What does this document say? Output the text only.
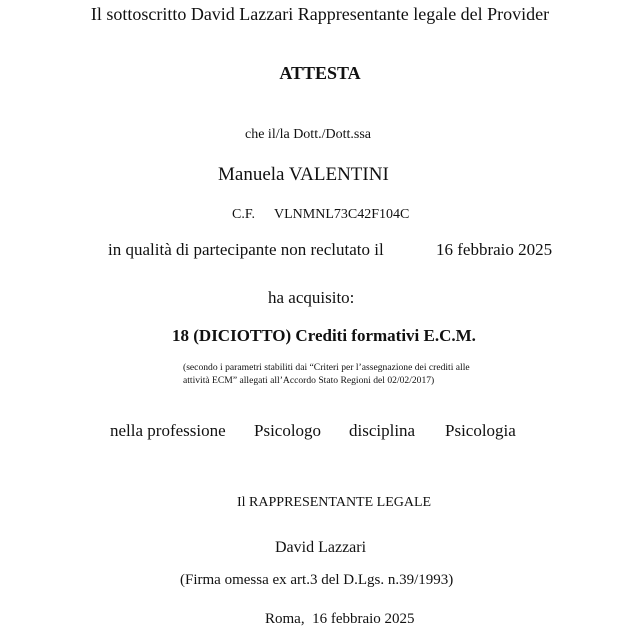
Il sottoscritto David Lazzari Rappresentante legale del Provider
ATTESTA
che il/la Dott./Dott.ssa
Manuela VALENTINI
C.F. VLNMNL73C42F104C
in qualità di partecipante non reclutato il	16 febbraio 2025
ha acquisito:
18 (DICIOTTO) Crediti formativi E.C.M.
(secondo i parametri stabiliti dai “Criteri per l’assegnazione dei crediti alle attività ECM” allegati all’Accordo Stato Regioni del 02/02/2017)
nella professione Psicologo disciplina Psicologia
Il RAPPRESENTANTE LEGALE
David Lazzari
(Firma omessa ex art.3 del D.Lgs. n.39/1993)
Roma,  16 febbraio 2025
